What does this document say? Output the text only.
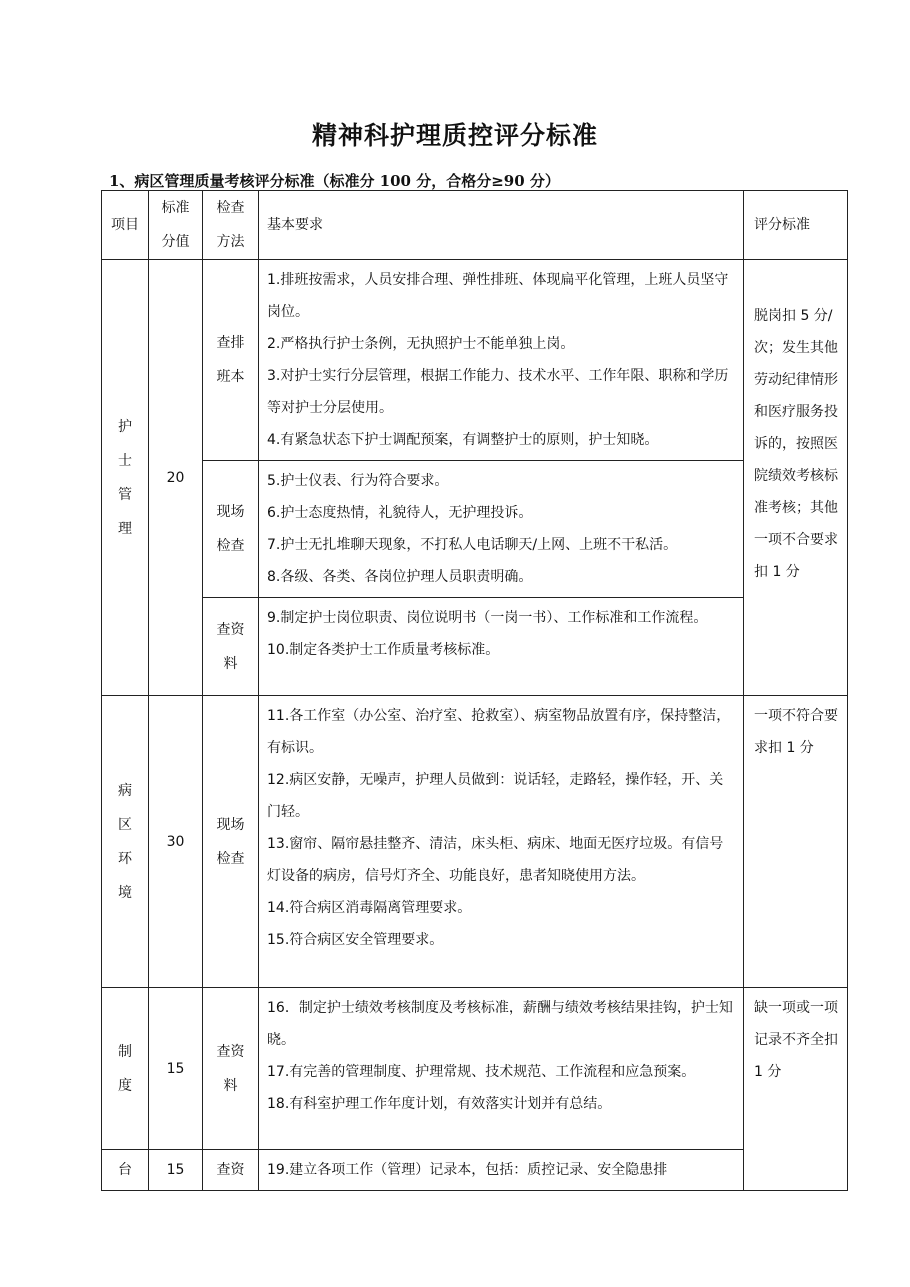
精神科护理质控评分标准
1、病区管理质量考核评分标准（标准分 100 分，合格分≥90 分）
项目	标准分值	检查方法	基本要求	评分标准
护士管理	20	查排班本	1.排班按需求，人员安排合理、弹性排班、体现扁平化管理，上班人员坚守岗位。
2.严格执行护士条例，无执照护士不能单独上岗。
3.对护士实行分层管理，根据工作能力、技术水平、工作年限、职称和学历等对护士分层使用。
4.有紧急状态下护士调配预案，有调整护士的原则，护士知晓。	脱岗扣 5 分/次；发生其他劳动纪律情形和医疗服务投诉的，按照医院绩效考核标准考核；其他一项不合要求扣 1 分
		现场检查	5.护士仪表、行为符合要求。
6.护士态度热情，礼貌待人，无护理投诉。
7.护士无扎堆聊天现象，不打私人电话聊天/上网、上班不干私活。
8.各级、各类、各岗位护理人员职责明确。	

		查资料	9.制定护士岗位职责、岗位说明书（一岗一书）、工作标准和工作流程。
10.制定各类护士工作质量考核标准。	

病区环境	30	现场检查	11.各工作室（办公室、治疗室、抢救室）、病室物品放置有序，保持整洁，有标识。
12.病区安静，无噪声，护理人员做到：说话轻，走路轻，操作轻，开、关门轻。
13.窗帘、隔帘悬挂整齐、清洁，床头柜、病床、地面无医疗垃圾。有信号灯设备的病房，信号灯齐全、功能良好，患者知晓使用方法。
14.符合病区消毒隔离管理要求。
15.符合病区安全管理要求。	一项不符合要求扣 1 分
制度	15	查资料	16．制定护士绩效考核制度及考核标准，薪酬与绩效考核结果挂钩，护士知晓。
17.有完善的管理制度、护理常规、技术规范、工作流程和应急预案。
18.有科室护理工作年度计划，有效落实计划并有总结。	缺一项或一项记录不齐全扣 1 分
台	15	查资	19.建立各项工作（管理）记录本，包括：质控记录、安全隐患排	
